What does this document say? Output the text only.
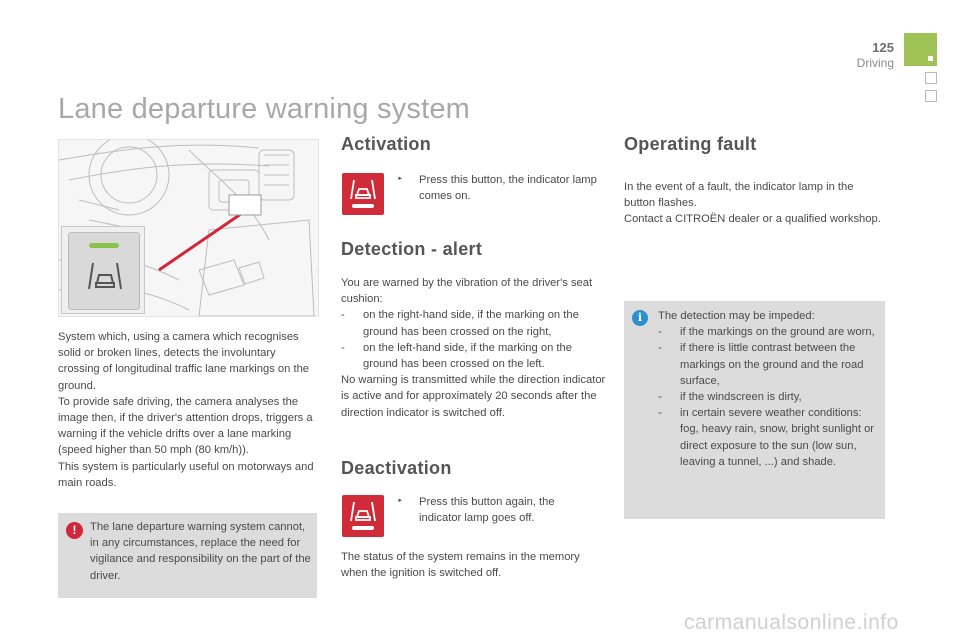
125
Driving
Lane departure warning system

System which, using a camera which recognises solid or broken lines, detects the involuntary crossing of longitudinal traffic lane markings on the ground.

To provide safe driving, the camera analyses the image then, if the driver's attention drops, triggers a warning if the vehicle drifts over a lane marking (speed higher than 50 mph (80 km/h)).

This system is particularly useful on motorways and main roads.

!	The lane departure warning system cannot, in any circumstances, replace the need for vigilance and responsibility on the part of the driver.
Activation
‣	Press this button, the indicator lamp comes on.
Detection - alert

You are warned by the vibration of the driver's seat cushion:

- on the right-hand side, if the marking on the ground has been crossed on the right,
- on the left-hand side, if the marking on the ground has been crossed on the left.

No warning is transmitted while the direction indicator is active and for approximately 20 seconds after the direction indicator is switched off.

Deactivation
‣	Press this button again, the indicator lamp goes off.
The status of the system remains in the memory when the ignition is switched off.
Operating fault

In the event of a fault, the indicator lamp in the button flashes.

Contact a CITROËN dealer or a qualified workshop.

i	The detection may be impeded:

- if the markings on the ground are worn,
- if there is little contrast between the markings on the ground and the road surface,
- if the windscreen is dirty,
- in certain severe weather conditions: fog, heavy rain, snow, bright sunlight or direct exposure to the sun (low sun, leaving a tunnel, ...) and shade.
carmanualsonline.info
